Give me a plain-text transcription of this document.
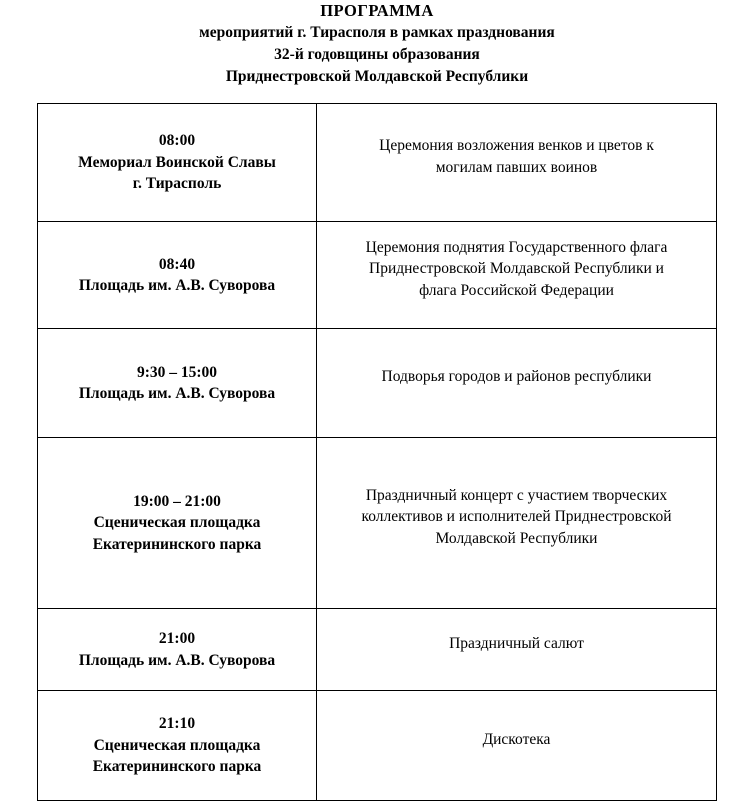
ПРОГРАММА
мероприятий г. Тирасполя в рамках празднования
32-й годовщины образования
Приднестровской Молдавской Республики
08:00
Мемориал Воинской Славы
г. Тирасполь	Церемония возложения венков и цветов к
могилам павших воинов

08:40
Площадь им. А.В. Суворова	Церемония поднятия Государственного флага
Приднестровской Молдавской Республики и
флага Российской Федерации

9:30 – 15:00
Площадь им. А.В. Суворова	Подворья городов и районов республики

19:00 – 21:00
Сценическая площадка
Екатерининского парка	Праздничный концерт с участием творческих
коллективов и исполнителей Приднестровской
Молдавской Республики

21:00
Площадь им. А.В. Суворова	Праздничный салют

21:10
Сценическая площадка
Екатерининского парка	Дискотека
